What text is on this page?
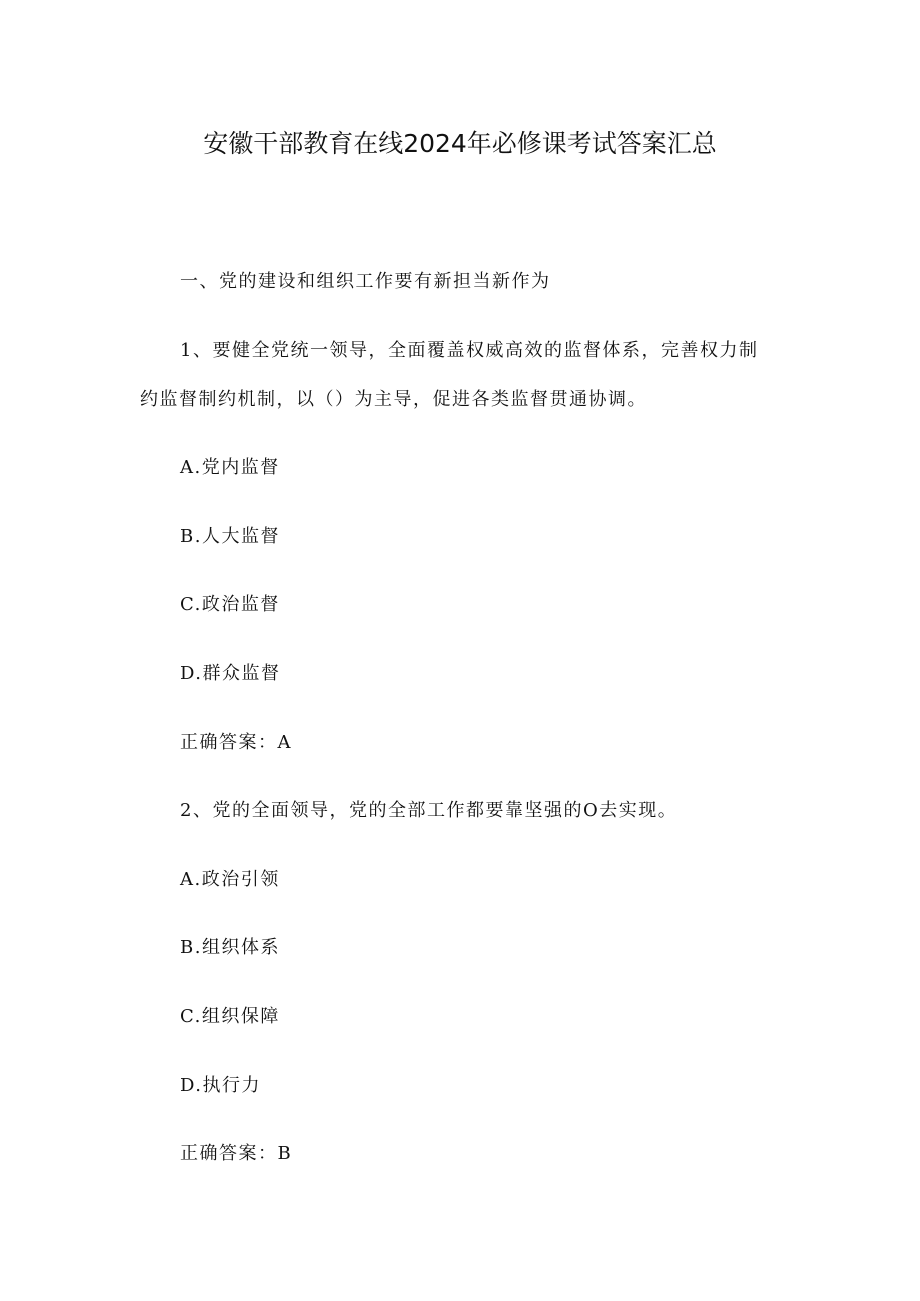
安徽干部教育在线2024年必修课考试答案汇总
一、党的建设和组织工作要有新担当新作为
1、要健全党统一领导，全面覆盖权威高效的监督体系，完善权力制
约监督制约机制，以（）为主导，促进各类监督贯通协调。
A.党内监督
B.人大监督
C.政治监督
D.群众监督
正确答案：A
2、党的全面领导，党的全部工作都要靠坚强的O去实现。
A.政治引领
B.组织体系
C.组织保障
D.执行力
正确答案：B
